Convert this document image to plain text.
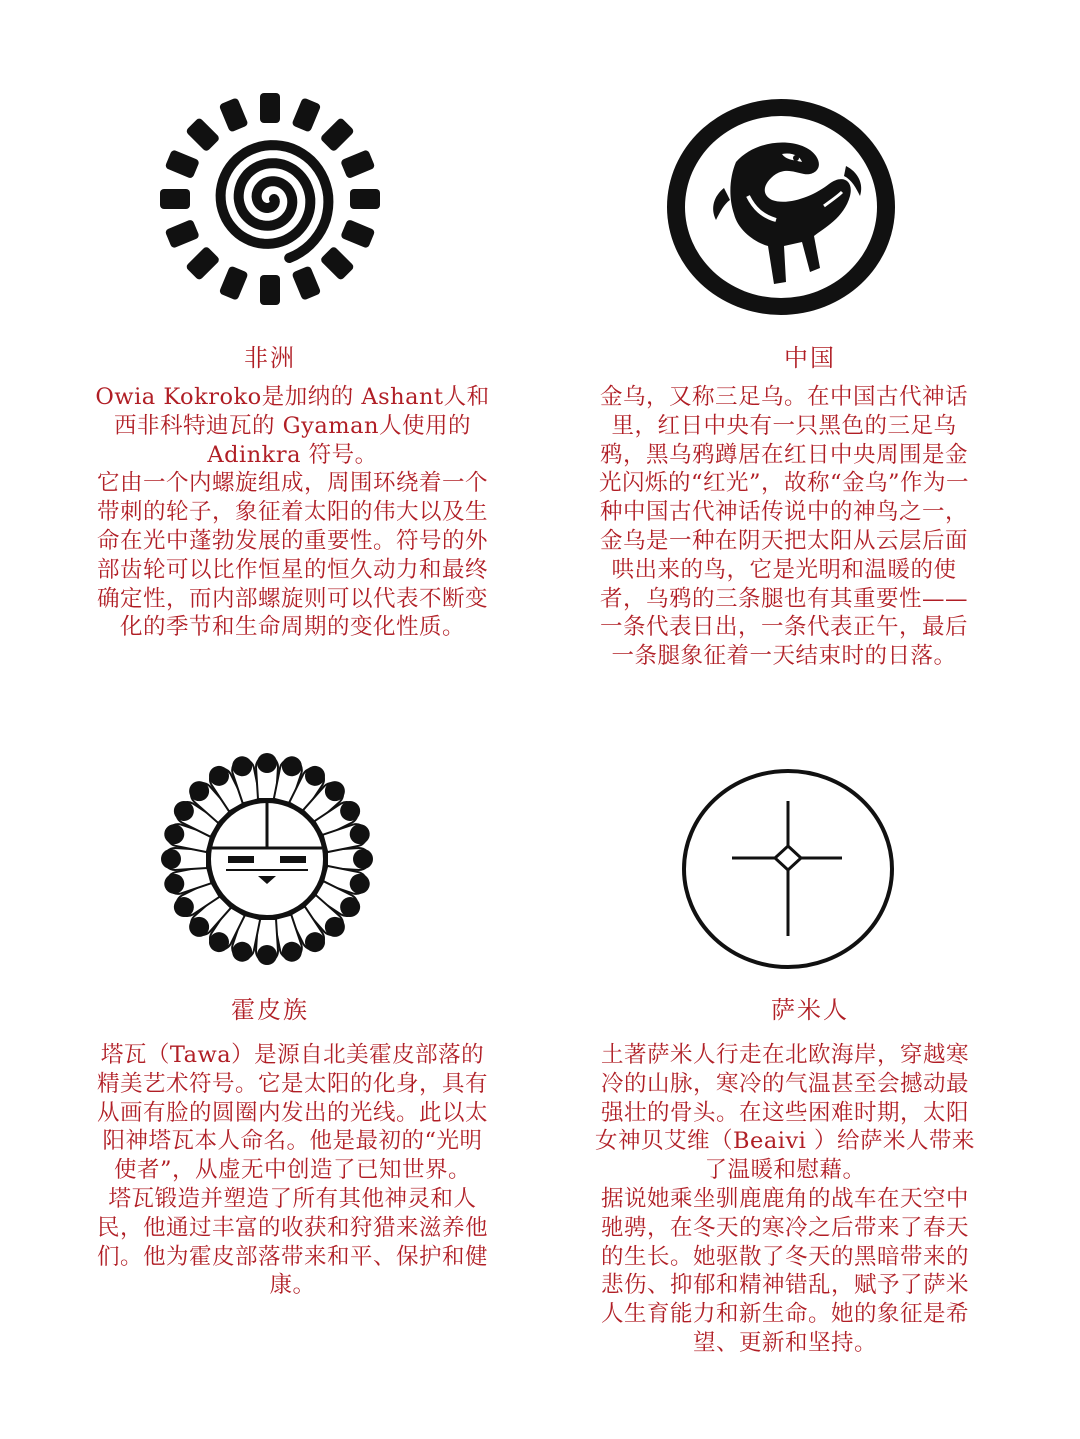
非洲

Owia Kokroko是加纳的 Ashant人和西非科特迪瓦的 Gyaman人使用的Adinkra 符号。

它由一个内螺旋组成，周围环绕着一个带刺的轮子，象征着太阳的伟大以及生命在光中蓬勃发展的重要性。符号的外部齿轮可以比作恒星的恒久动力和最终确定性，而内部螺旋则可以代表不断变化的季节和生命周期的变化性质。

中国

金乌，又称三足乌。在中国古代神话里，红日中央有一只黑色的三足乌鸦，黑乌鸦蹲居在红日中央周围是金光闪烁的“红光”，故称“金乌”作为一种中国古代神话传说中的神鸟之一，金乌是一种在阴天把太阳从云层后面哄出来的鸟，它是光明和温暖的使者，乌鸦的三条腿也有其重要性——一条代表日出，一条代表正午，最后一条腿象征着一天结束时的日落。

霍皮族

塔瓦（Tawa）是源自北美霍皮部落的精美艺术符号。它是太阳的化身，具有从画有脸的圆圈内发出的光线。此以太阳神塔瓦本人命名。他是最初的“光明使者”，从虚无中创造了已知世界。

塔瓦锻造并塑造了所有其他神灵和人民，他通过丰富的收获和狩猎来滋养他们。他为霍皮部落带来和平、保护和健康。

萨米人

土著萨米人行走在北欧海岸，穿越寒冷的山脉，寒冷的气温甚至会撼动最强壮的骨头。在这些困难时期，太阳女神贝艾维（Beaivi ）给萨米人带来了温暖和慰藉。

据说她乘坐驯鹿鹿角的战车在天空中驰骋，在冬天的寒冷之后带来了春天的生长。她驱散了冬天的黑暗带来的悲伤、抑郁和精神错乱，赋予了萨米人生育能力和新生命。她的象征是希望、更新和坚持。
